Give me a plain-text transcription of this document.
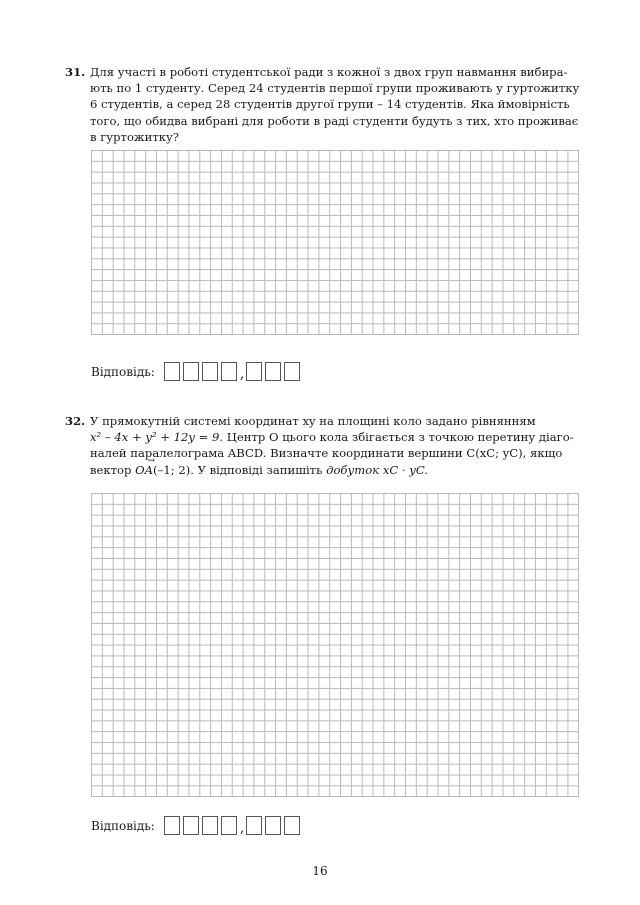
31. Для участі в роботі студентської ради з кожної з двох груп навмання вибира-

ють по 1 студенту. Серед 24 студентів першої групи проживають у гуртожитку

6 студентів, а серед 28 студентів другої групи – 14 студентів. Яка ймовірність

того, що обидва вибрані для роботи в раді студенти будуть з тих, хто проживає

в гуртожитку?

Відповідь:	,
32. У прямокутній системі координат xy на площині коло задано рівнянням

x² – 4x + y² + 12y = 9. Центр O цього кола збігається з точкою перетину діаго-

налей паралелограма ABCD. Визначте координати вершини C(xC; yC), якщо

вектор → OA(–1; 2). У відповіді запишіть добуток xC · yC.

Відповідь:	,
16
